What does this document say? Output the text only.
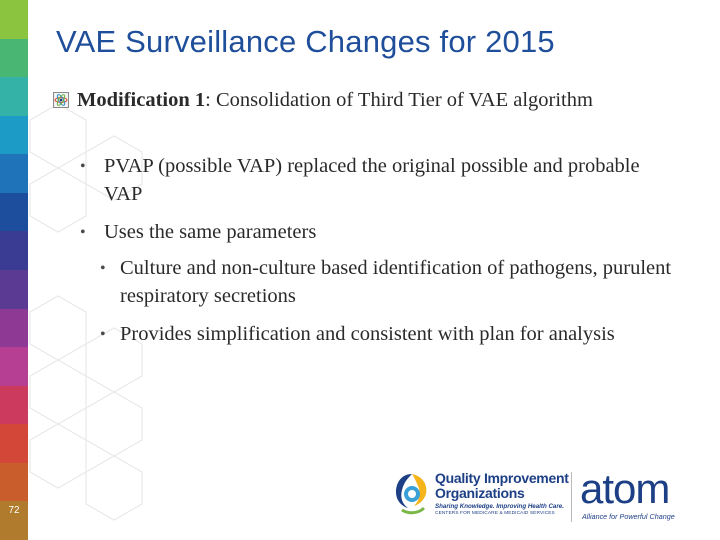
72
VAE Surveillance Changes for 2015
Modification 1: Consolidation of Third Tier of VAE algorithm
• PVAP (possible VAP) replaced the original possible and probable VAP
• Uses the same parameters
• Culture and non-culture based identification of pathogens, purulent respiratory secretions
• Provides simplification and consistent with plan for analysis
Quality Improvement Organizations
Sharing Knowledge. Improving Health Care.
CENTERS FOR MEDICARE & MEDICAID SERVICES
atom
Alliance for Powerful Change
